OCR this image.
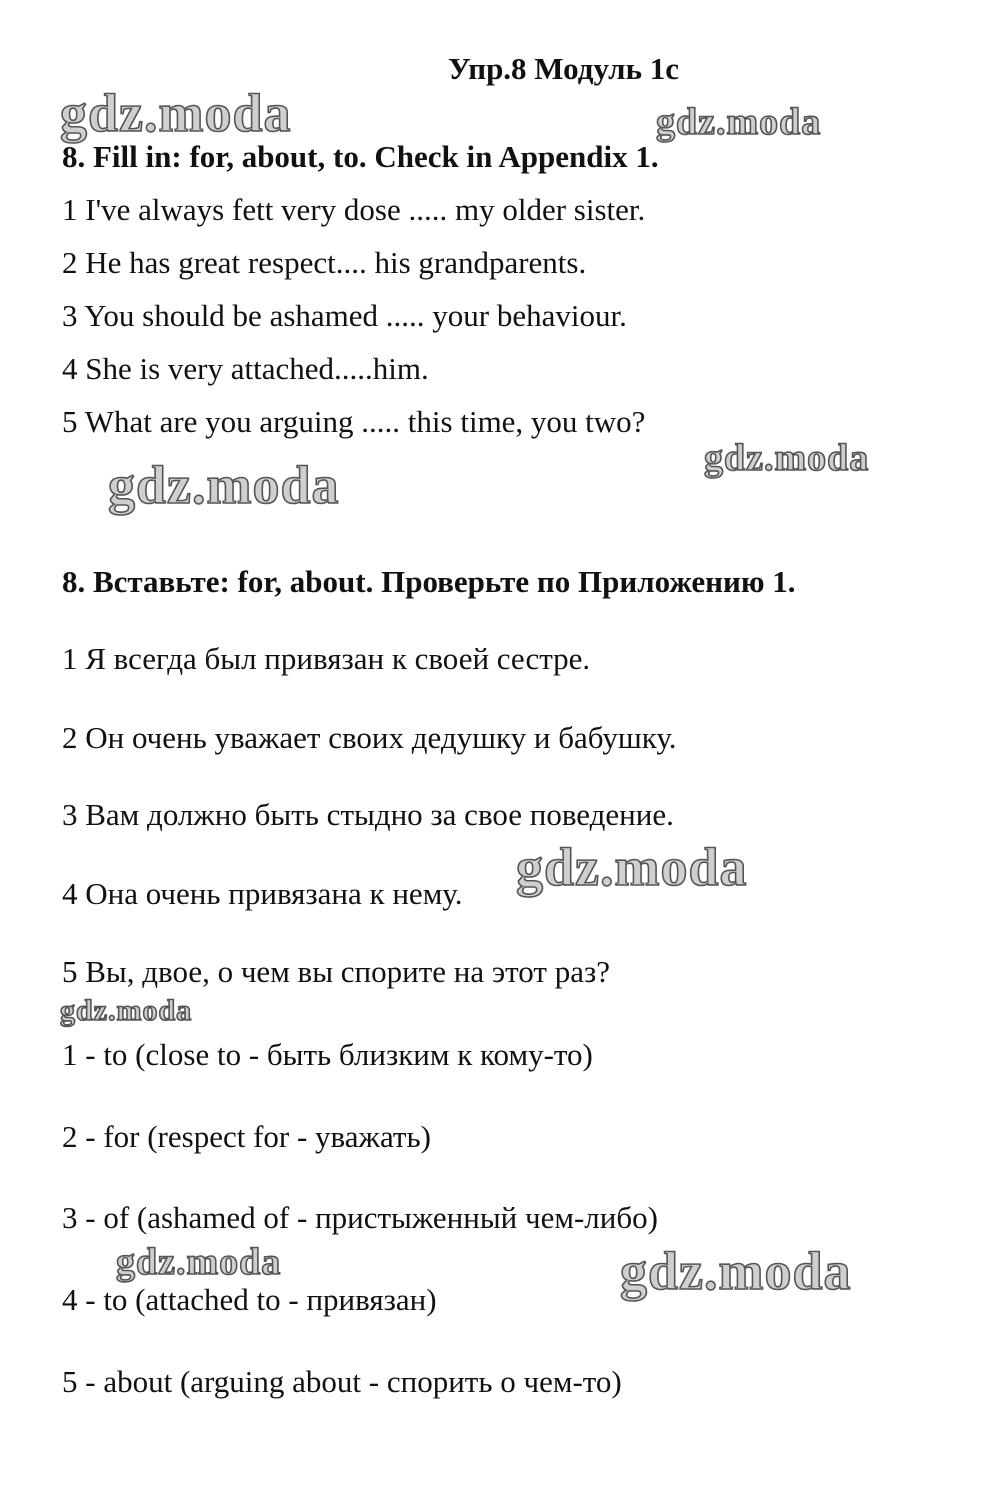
Упр.8 Модуль 1с
8. Fill in: for, about, to. Check in Appendix 1.
1 I've always fett very dose ..... my older sister.
2 He has great respect.... his grandparents.
3 You should be ashamed ..... your behaviour.
4 She is very attached.....him.
5 What are you arguing ..... this time, you two?
8. Вставьте: for, about. Проверьте по Приложению 1.
1 Я всегда был привязан к своей сестре.
2 Он очень уважает своих дедушку и бабушку.
3 Вам должно быть стыдно за свое поведение.
4 Она очень привязана к нему.
5 Вы, двое, о чем вы спорите на этот раз?
1 - to (close to - быть близким к кому-то)
2 - for (respect for - уважать)
3 - of (ashamed of - пристыженный чем-либо)
4 - to (attached to - привязан)
5 - about (arguing about - спорить о чем-то)
gdz.moda	gdz.moda
gdz.moda
gdz.moda
gdz.moda
gdz.moda
gdz.moda	gdz.moda
